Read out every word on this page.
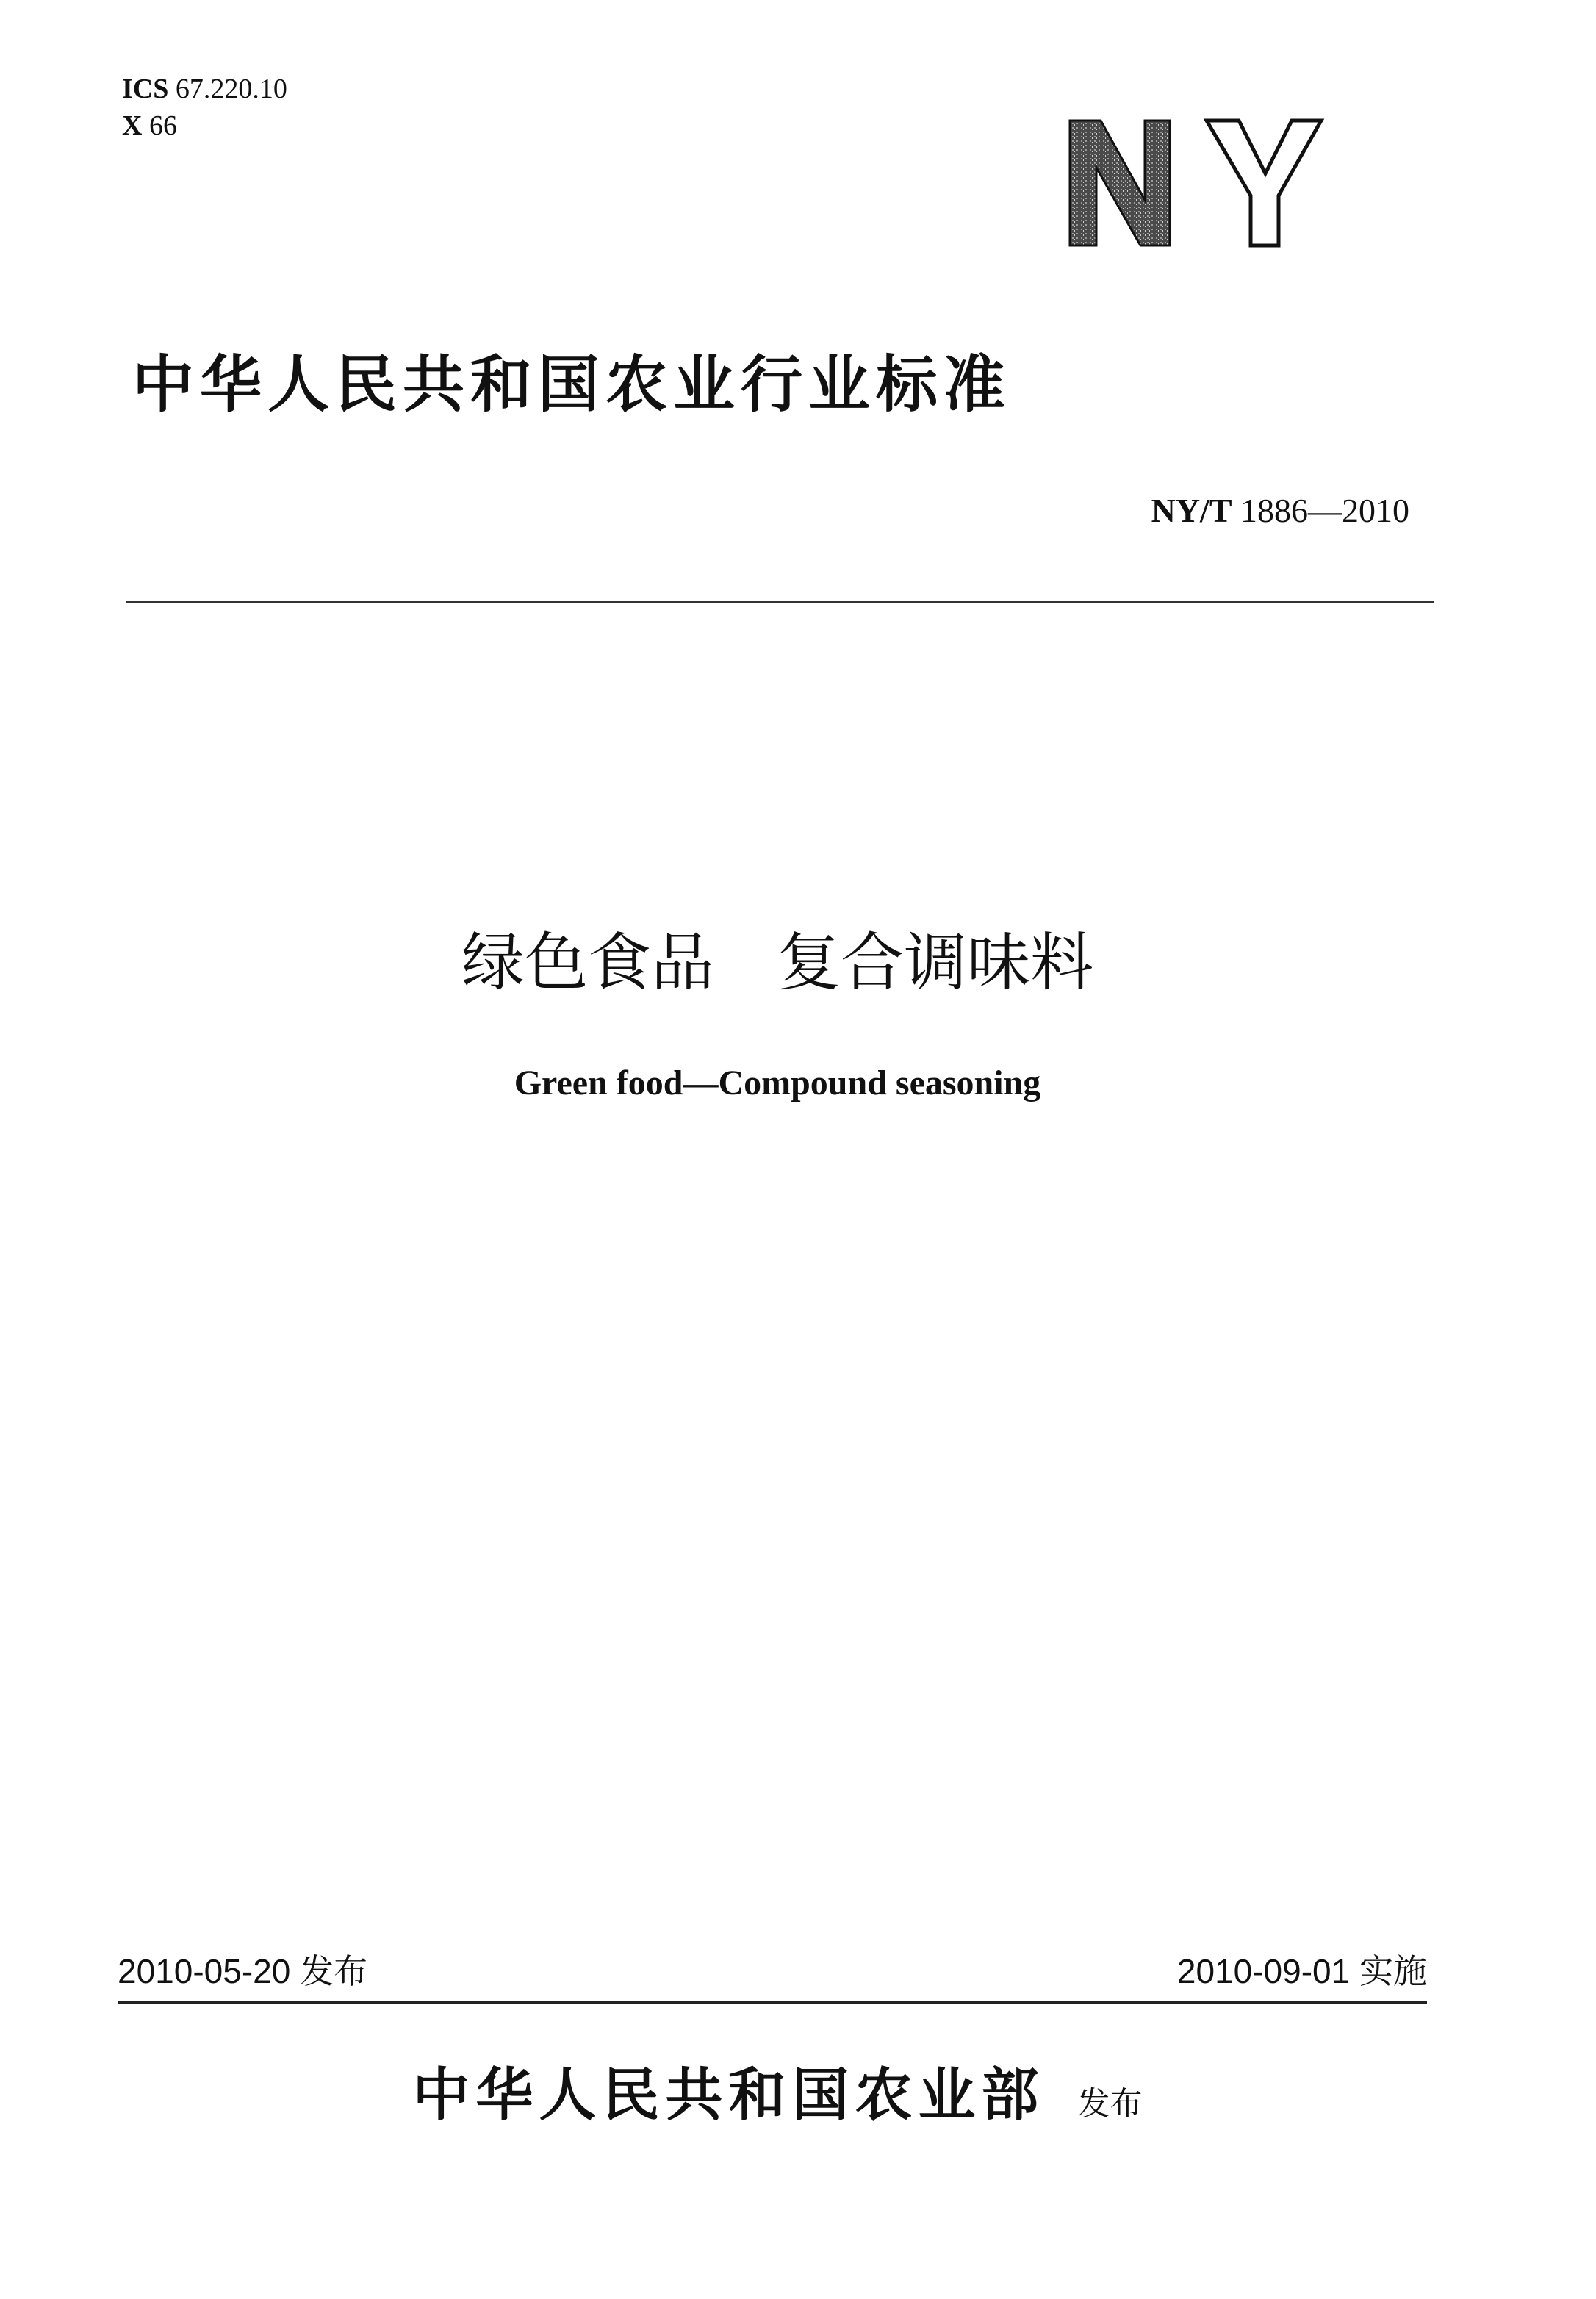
ICS 67.220.10
X 66
中华人民共和国农业行业标准
NY/T 1886—2010
绿色食品　复合调味料
Green food—Compound seasoning
2010-05-20 发布	2010-09-01 实施
中华人民共和国农业部 发布
